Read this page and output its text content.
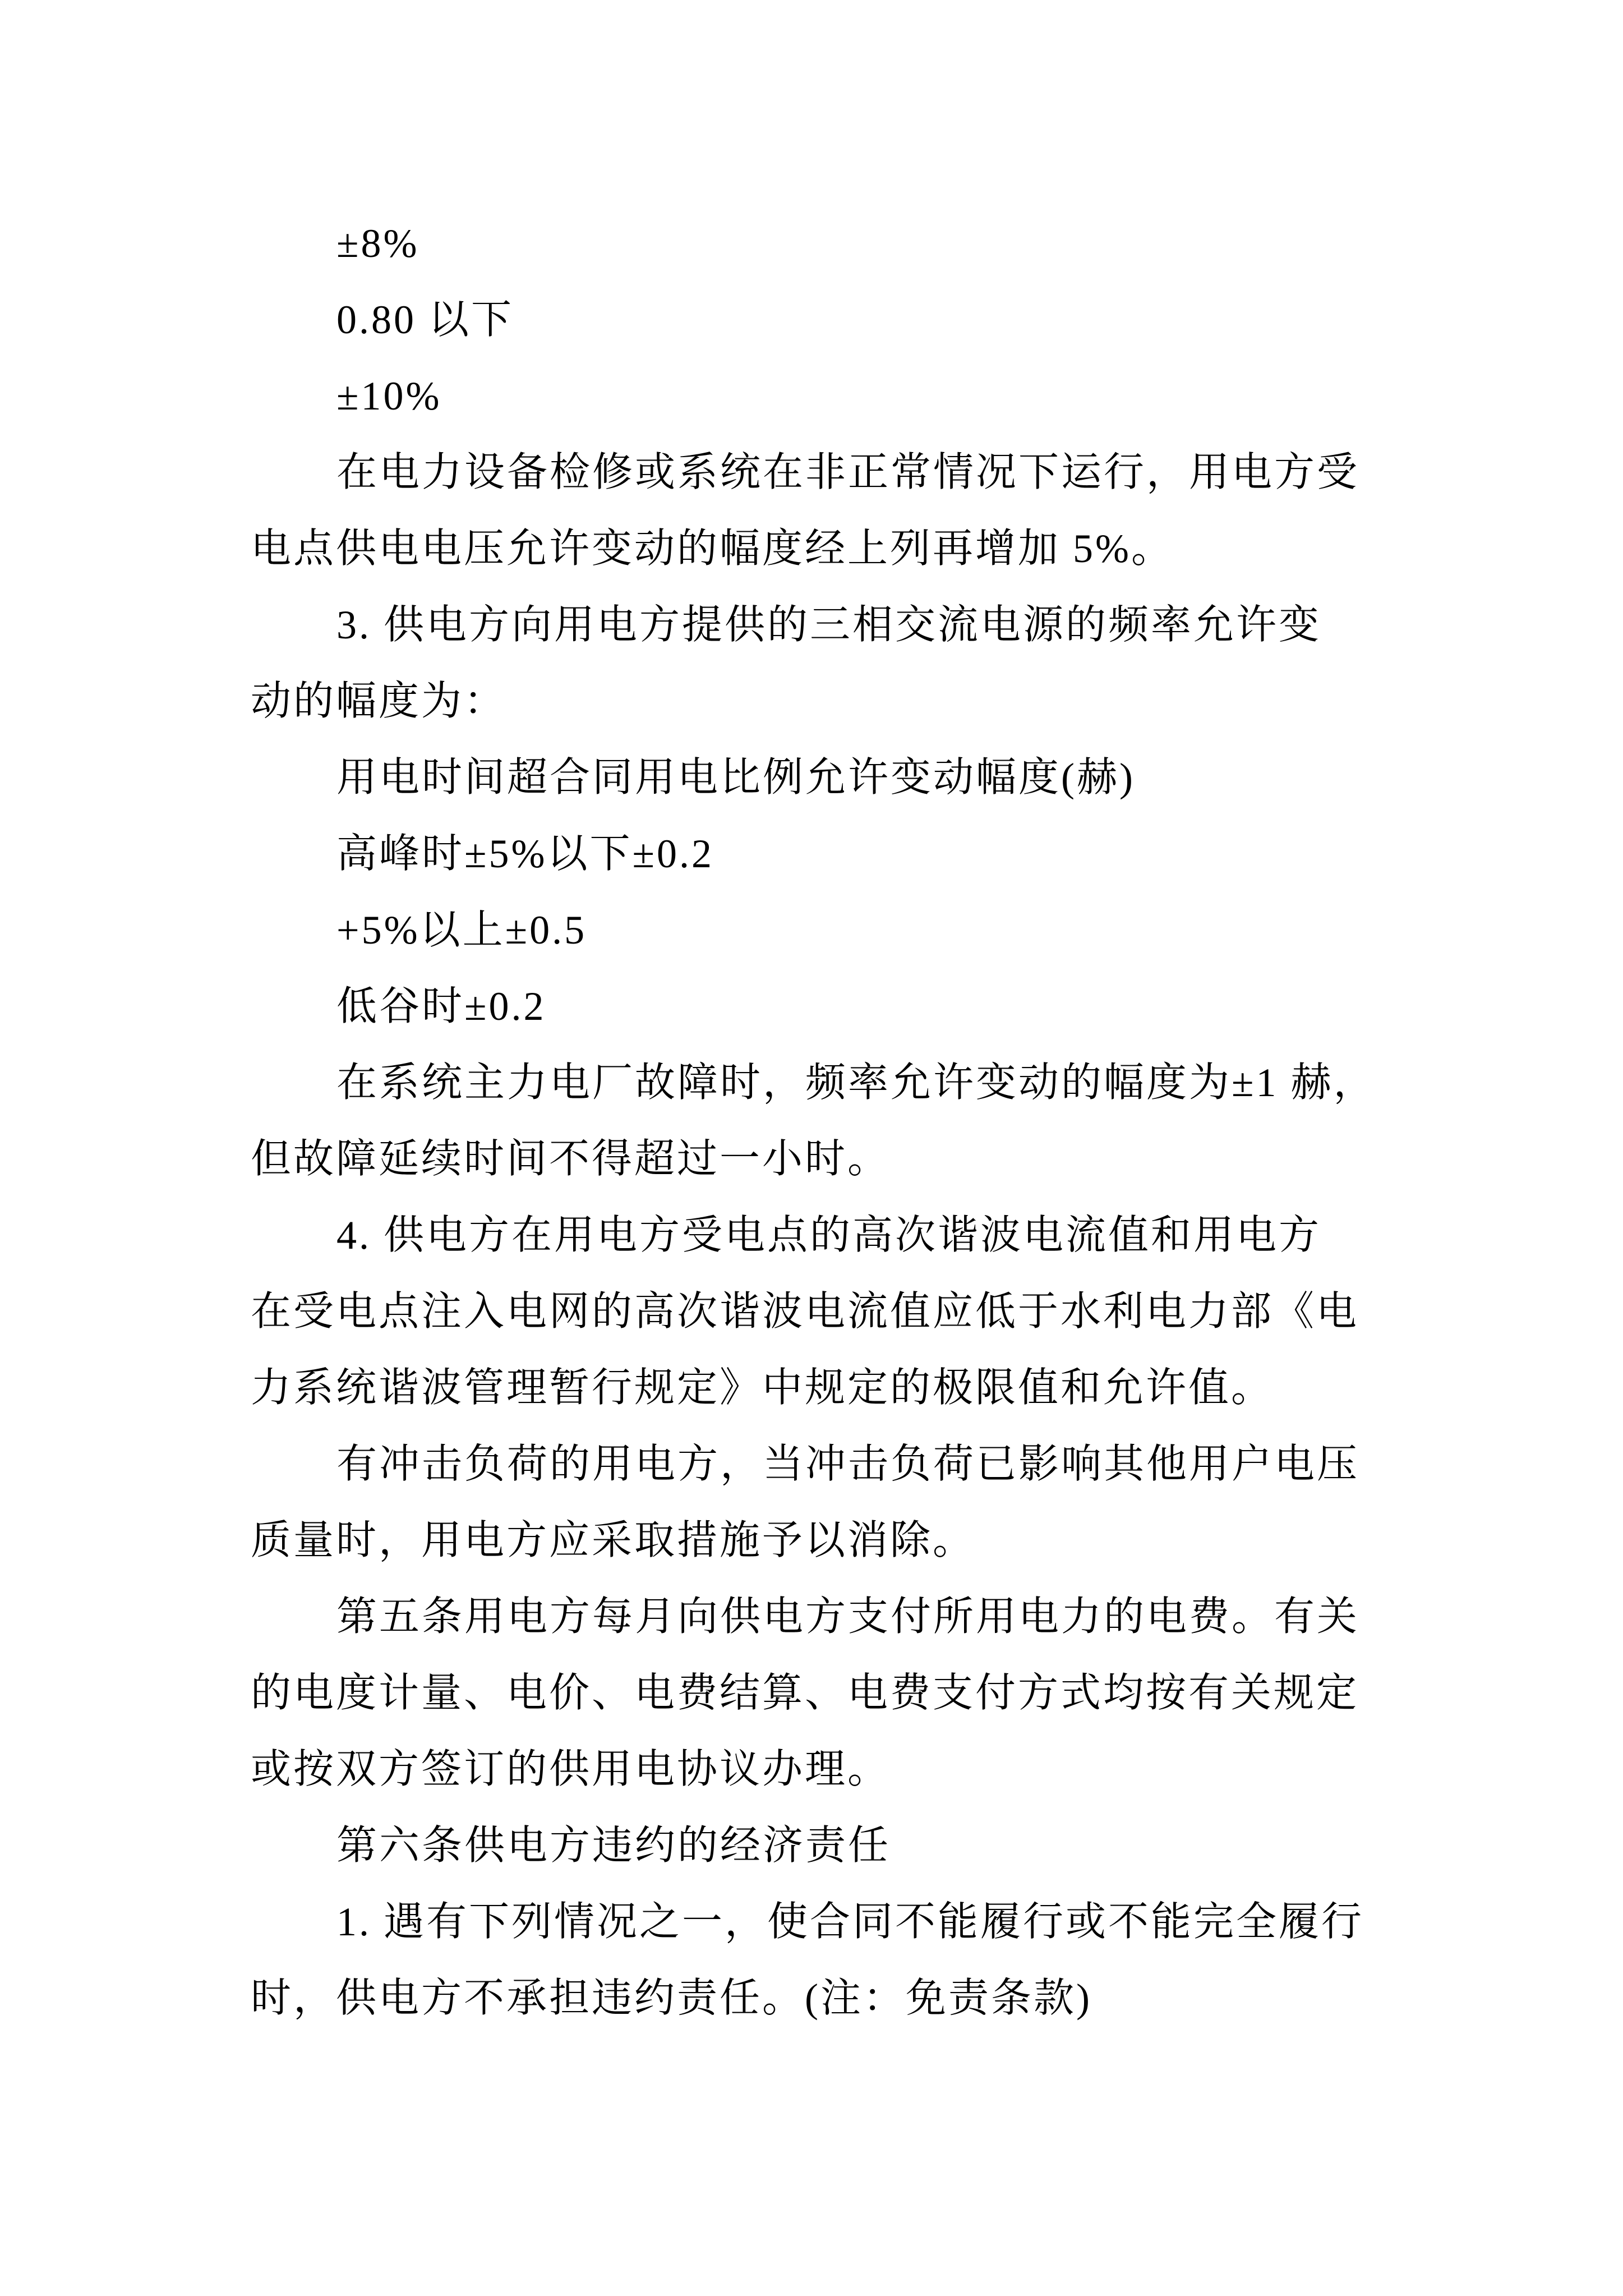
±8%
0.80 以下
±10%
在电力设备检修或系统在非正常情况下运行，用电方受
电点供电电压允许变动的幅度经上列再增加 5%。
3. 供电方向用电方提供的三相交流电源的频率允许变
动的幅度为：
用电时间超合同用电比例允许变动幅度(赫)
高峰时±5%以下±0.2
+5%以上±0.5
低谷时±0.2
在系统主力电厂故障时，频率允许变动的幅度为±1 赫，
但故障延续时间不得超过一小时。
4. 供电方在用电方受电点的高次谐波电流值和用电方
在受电点注入电网的高次谐波电流值应低于水利电力部《电
力系统谐波管理暂行规定》中规定的极限值和允许值。
有冲击负荷的用电方，当冲击负荷已影响其他用户电压
质量时，用电方应采取措施予以消除。
第五条用电方每月向供电方支付所用电力的电费。有关
的电度计量、电价、电费结算、电费支付方式均按有关规定
或按双方签订的供用电协议办理。
第六条供电方违约的经济责任
1. 遇有下列情况之一，使合同不能履行或不能完全履行
时，供电方不承担违约责任。(注：免责条款)
